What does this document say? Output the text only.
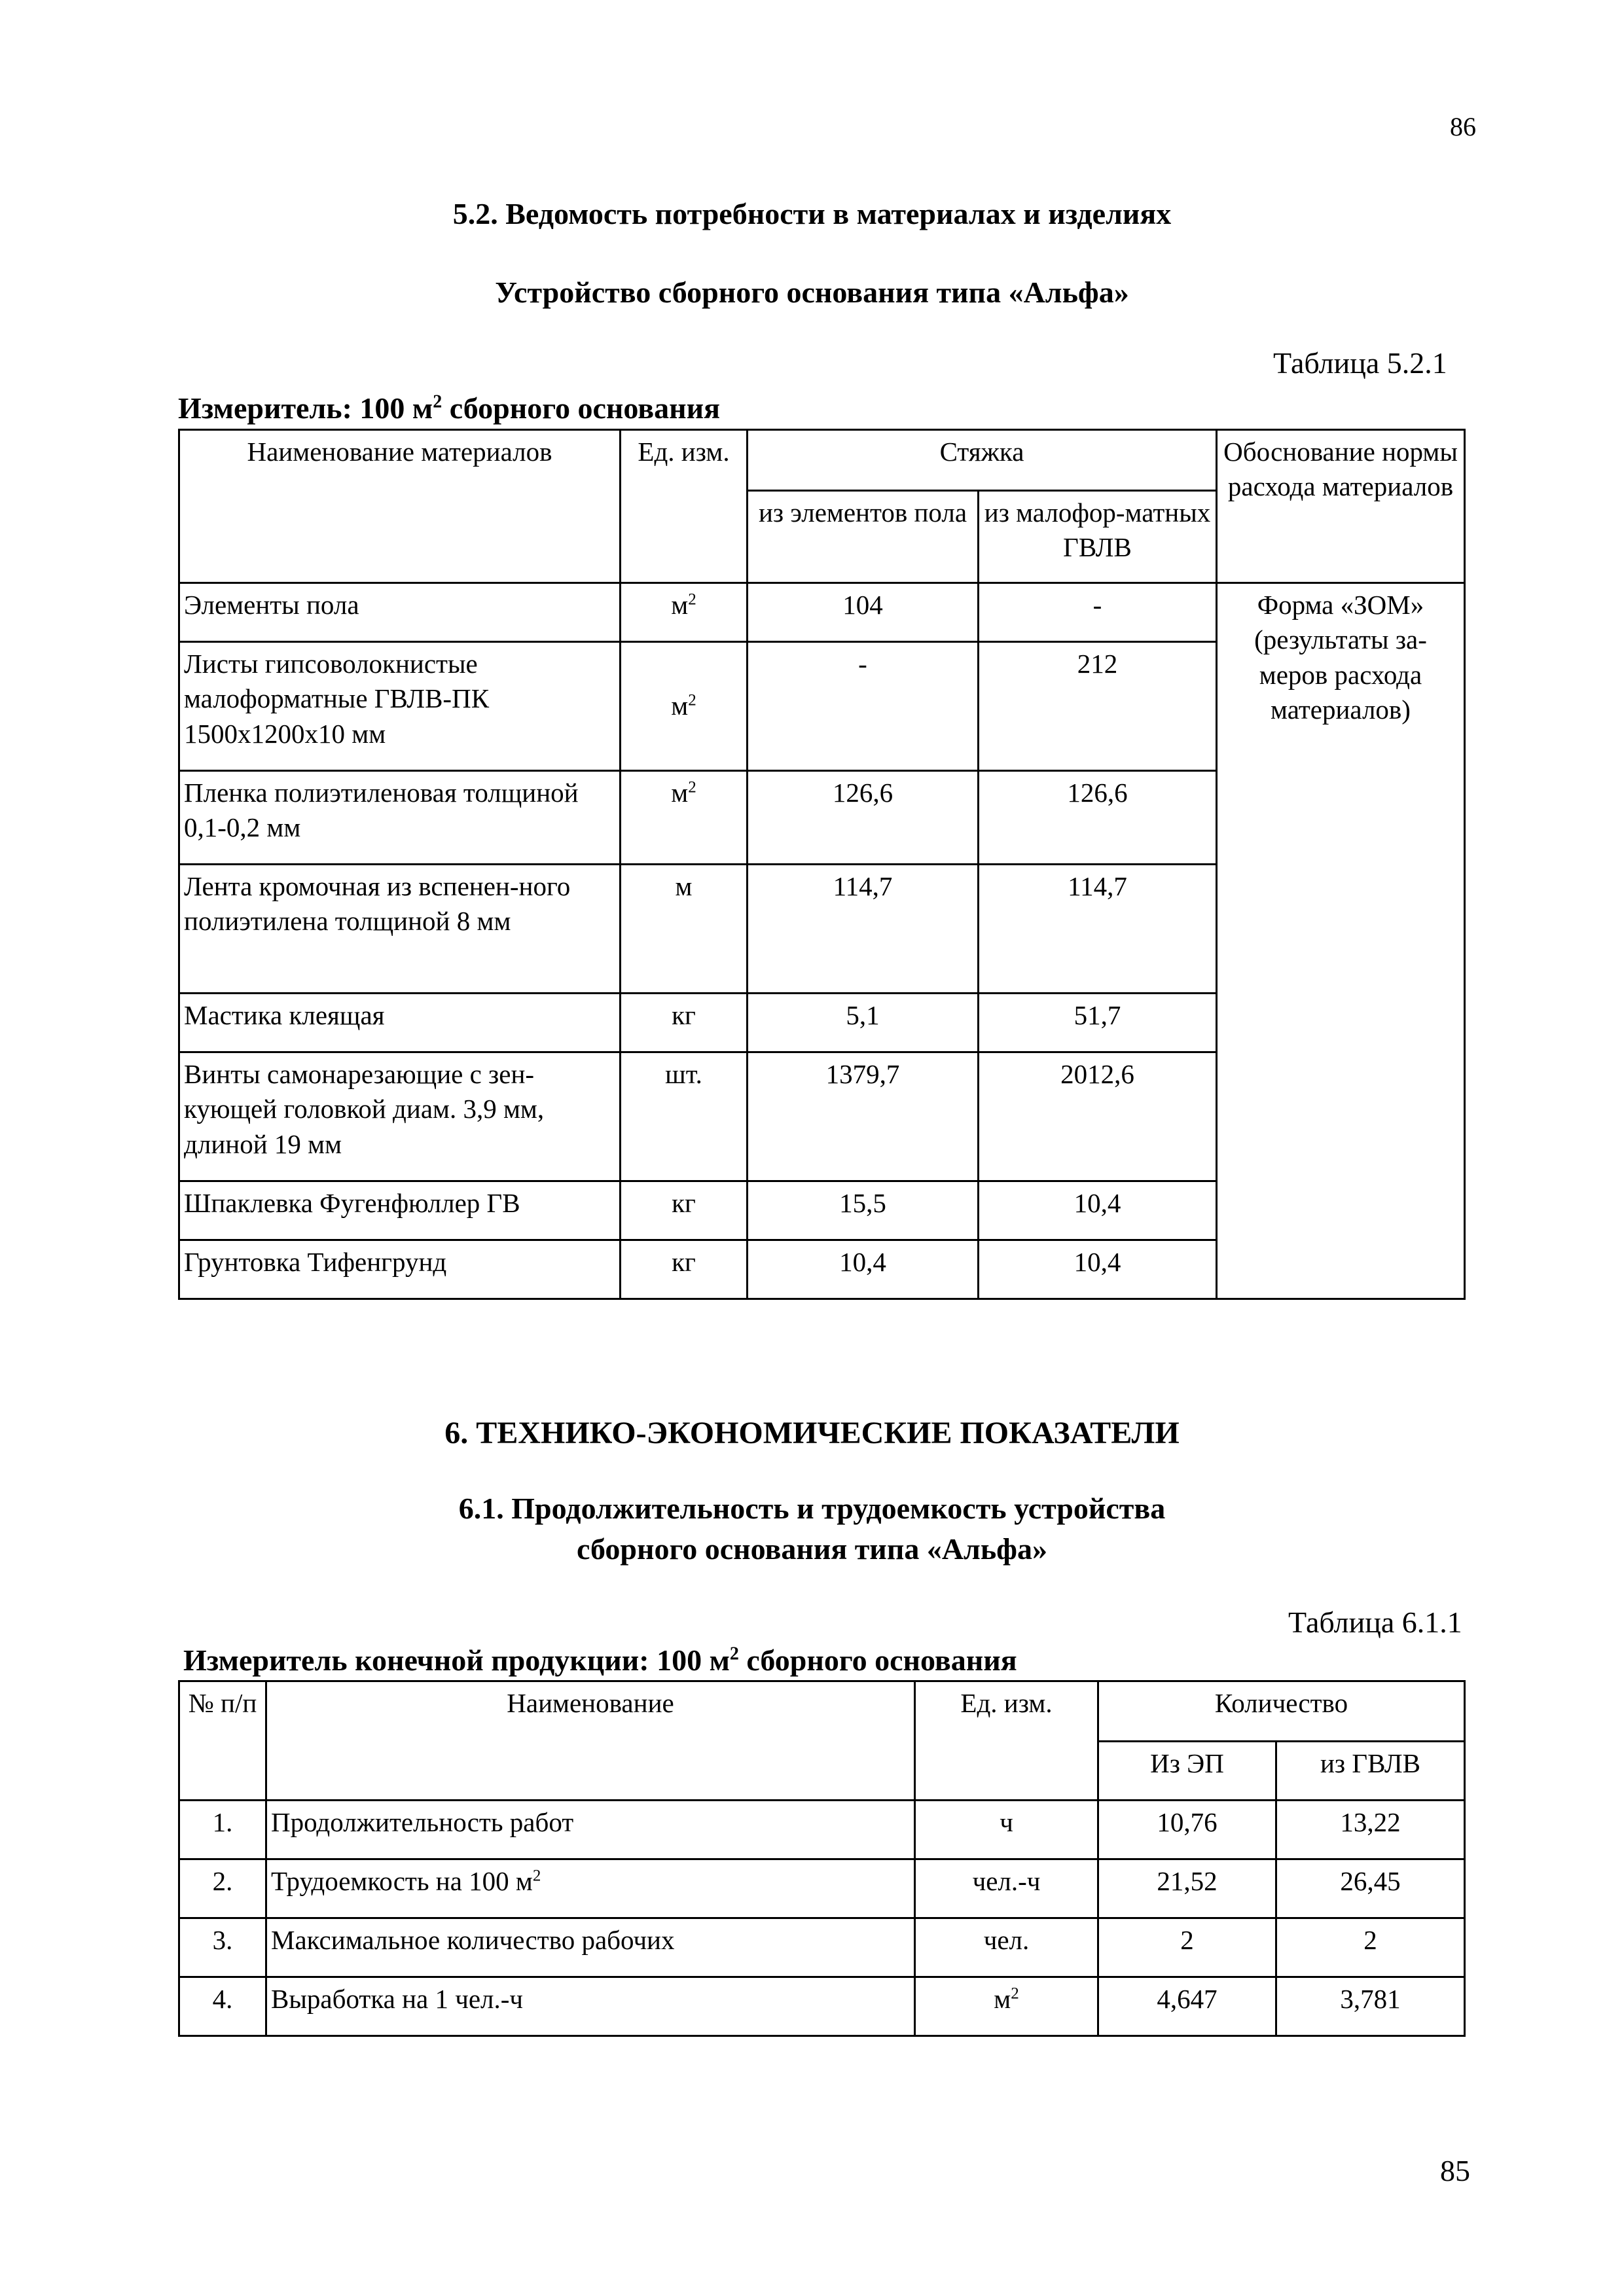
86
85
5.2. Ведомость потребности в материалах и изделиях
Устройство сборного основания типа «Альфа»
Таблица 5.2.1
Измеритель: 100 $м^2$ сборного основания
Наименование материалов	Ед. изм.	Стяжка		Обоснование нормы расхода материалов
		из элементов пола	из малофор-матных ГВЛВ	
Элементы пола	$м^2$	104	-	Форма «ЗОМ» (результаты за-меров расхода материалов)
Листы гипсоволокнистые малоформатные ГВЛВ-ПК 1500х1200х10 мм	$м^2$	-	212	
Пленка полиэтиленовая толщиной 0,1-0,2 мм	$м^2$	126,6	126,6	
Лента кромочная из вспенен-ного полиэтилена толщиной 8 мм	м	114,7	114,7	
Мастика клеящая	кг	5,1	51,7	
Винты самонарезающие с зен-кующей головкой диам. 3,9 мм, длиной 19 мм	шт.	1379,7	2012,6	
Шпаклевка Фугенфюллер ГВ	кг	15,5	10,4	
Грунтовка Тифенгрунд	кг	10,4	10,4	
6. ТЕХНИКО-ЭКОНОМИЧЕСКИЕ ПОКАЗАТЕЛИ
6.1. Продолжительность и трудоемкость устройства
сборного основания типа «Альфа»
Таблица 6.1.1
Измеритель конечной продукции: 100 $м^2$ сборного основания
№ п/п	Наименование	Ед. изм.	Количество	
			Из ЭП	из ГВЛВ
1.	Продолжительность работ	ч	10,76	13,22
2.	Трудоемкость на 100 $м^2$	чел.-ч	21,52	26,45
3.	Максимальное количество рабочих	чел.	2	2
4.	Выработка на 1 чел.-ч	$м^2$	4,647	3,781
